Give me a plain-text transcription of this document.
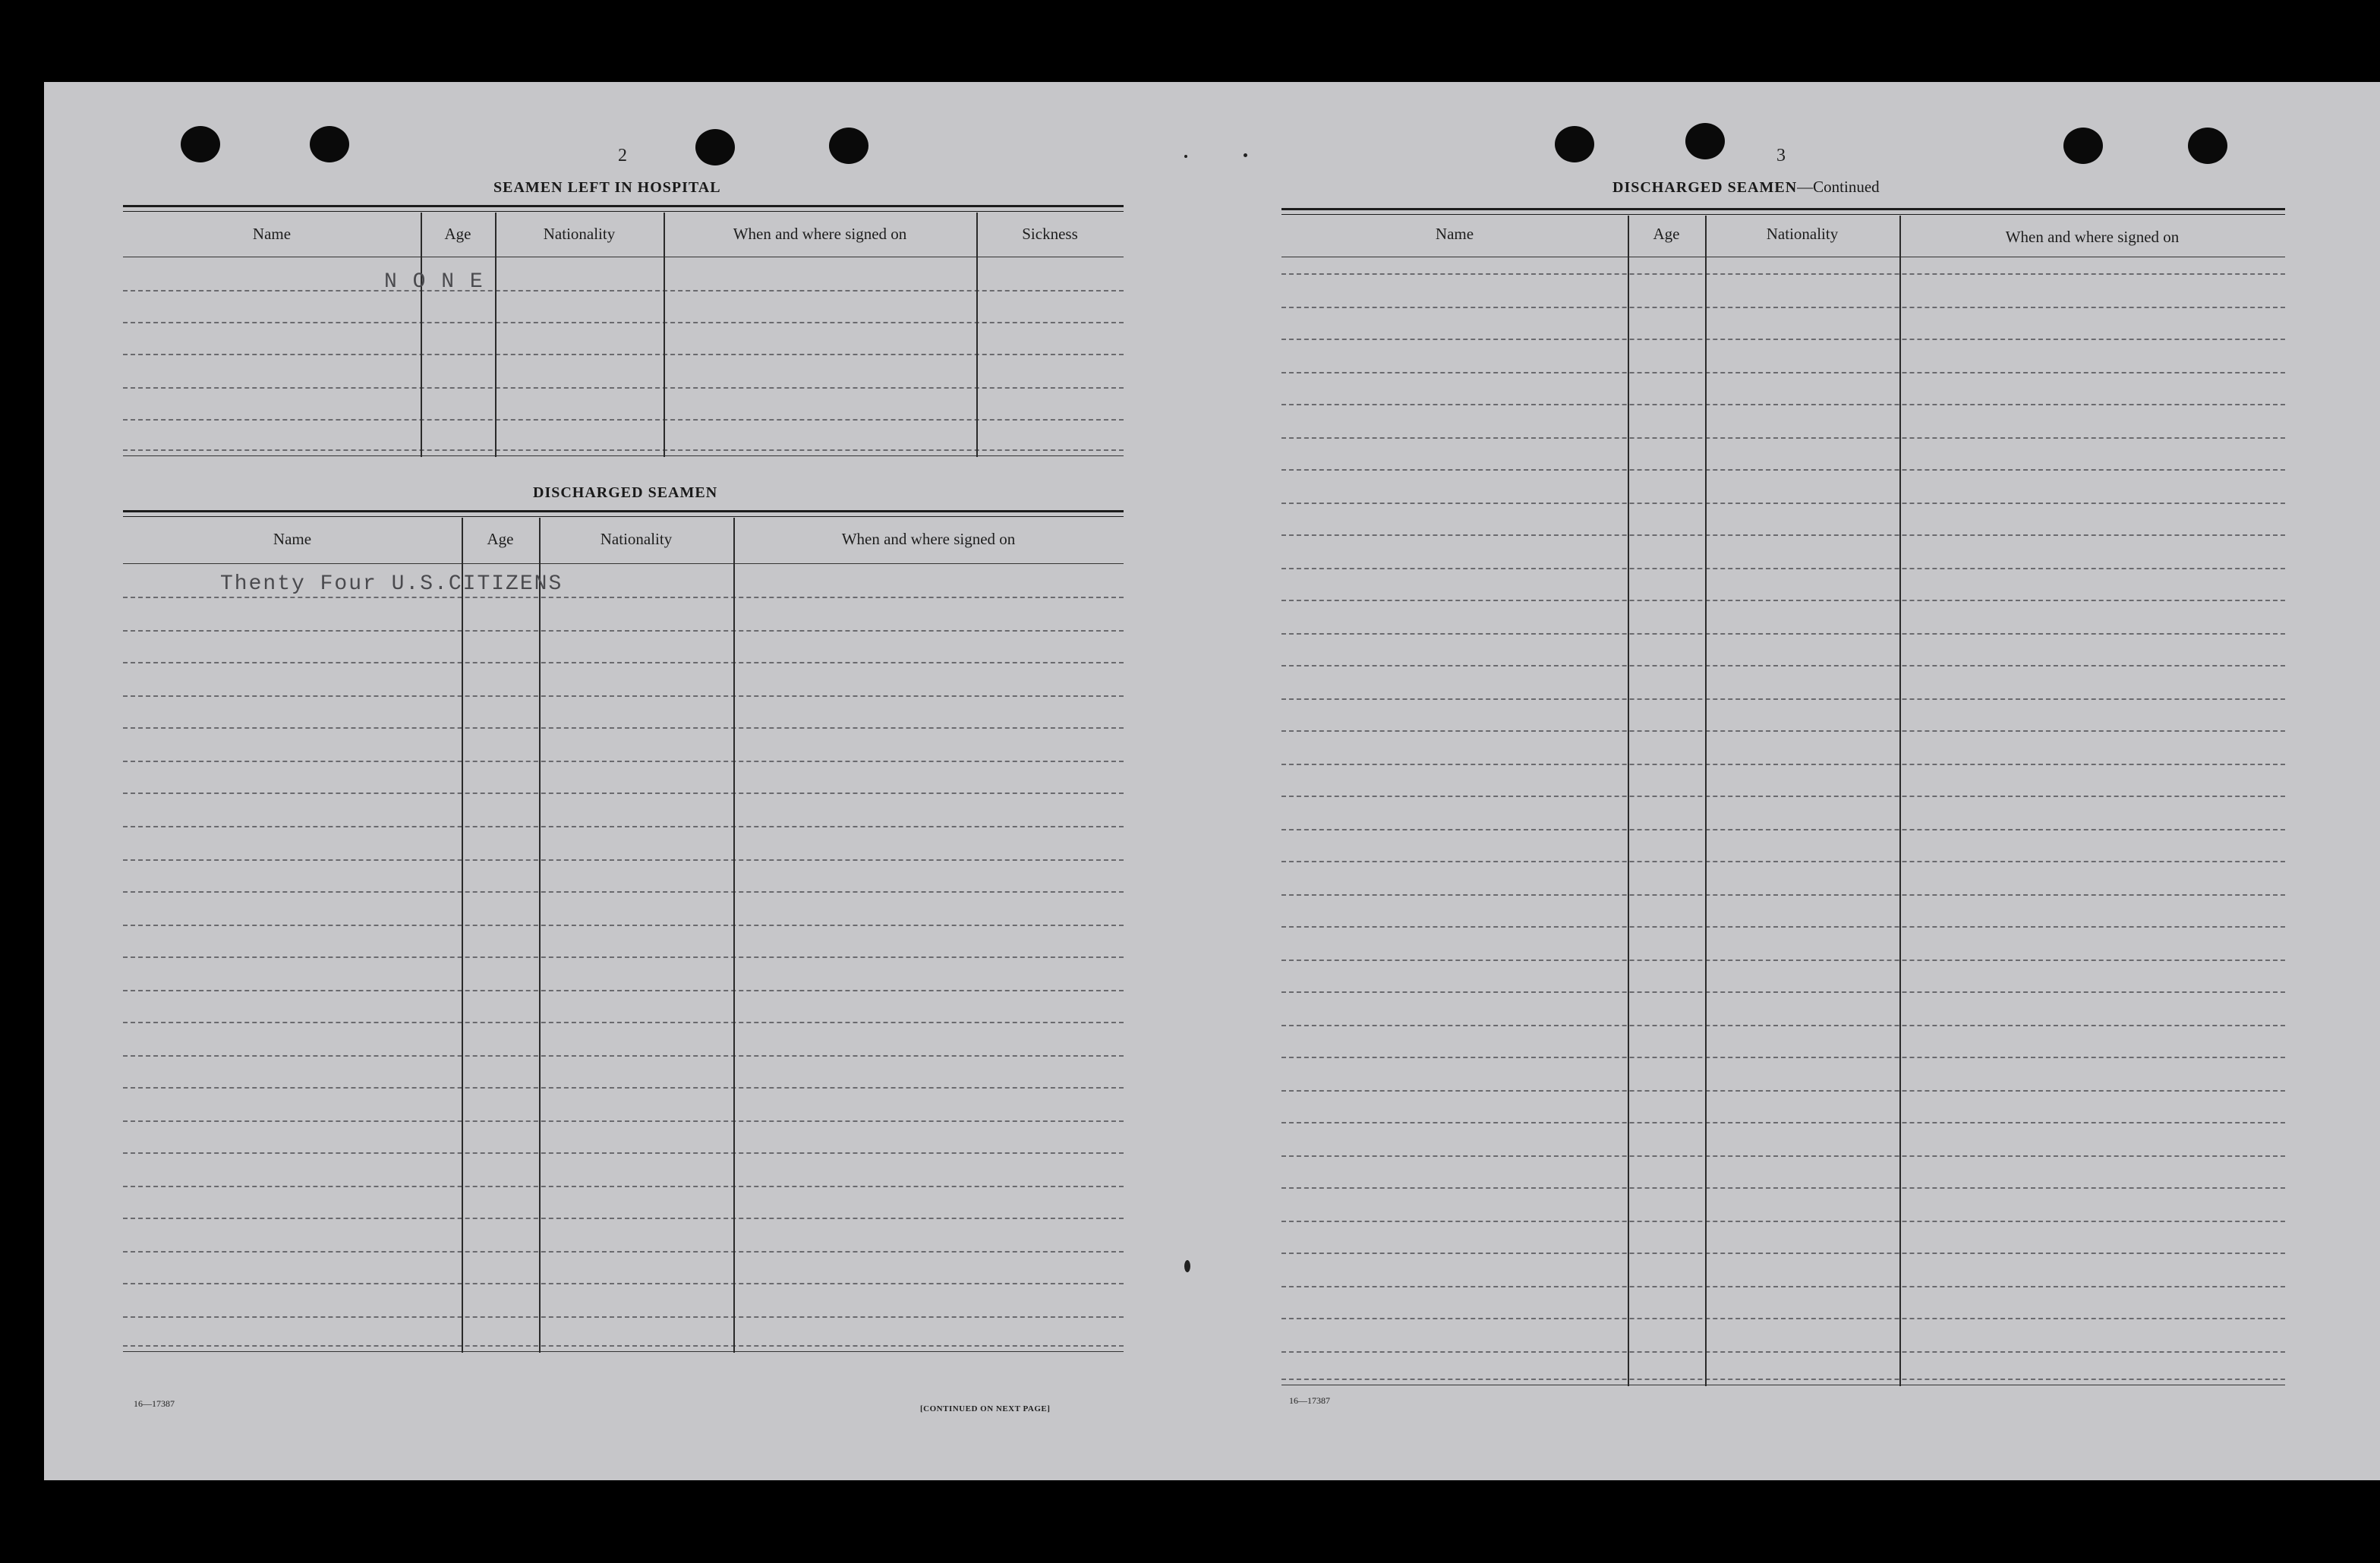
2
SEAMEN LEFT IN HOSPITAL
Name	Age	Nationality	When and where signed on	Sickness
N O N E
DISCHARGED SEAMEN
Name	Age	Nationality	When and where signed on
Thenty Four U.S.CITIZENS
16—17387	[CONTINUED ON NEXT PAGE]
3
DISCHARGED SEAMEN—Continued
Name	Age	Nationality	When and where signed on
16—17387
